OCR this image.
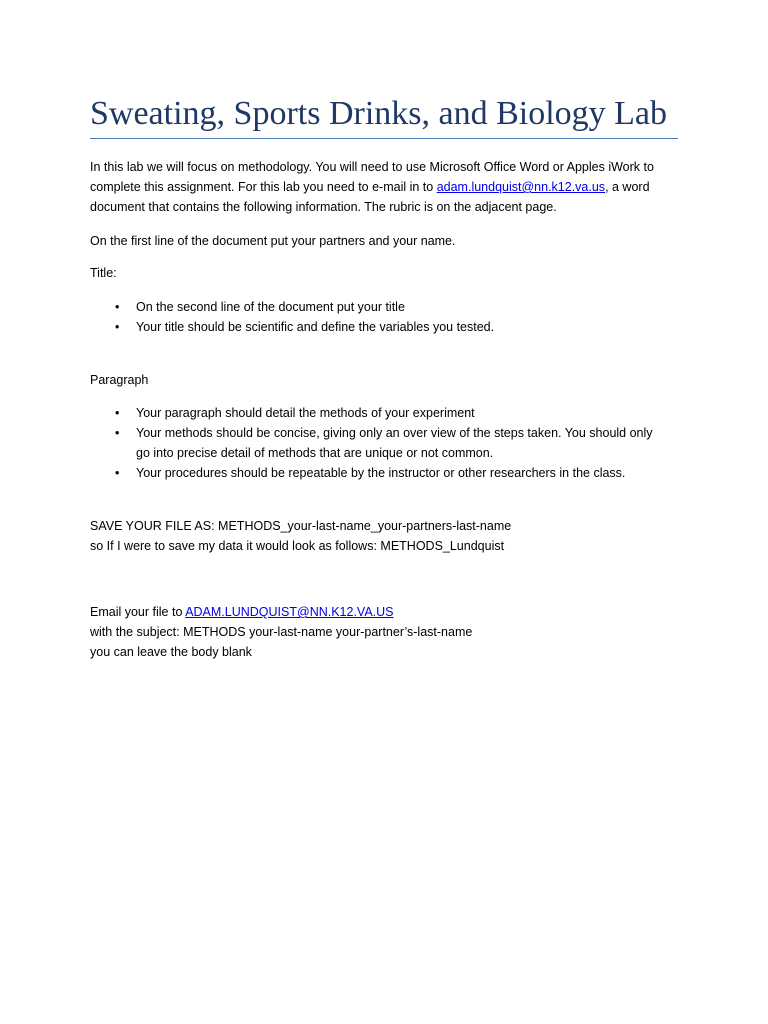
Sweating, Sports Drinks, and Biology Lab
In this lab we will focus on methodology. You will need to use Microsoft Office Word or Apples iWork to
complete this assignment. For this lab you need to e-mail in to adam.lundquist@nn.k12.va.us, a word
document that contains the following information. The rubric is on the adjacent page.
On the first line of the document put your partners and your name.
Title:
• On the second line of the document put your title
• Your title should be scientific and define the variables you tested.
Paragraph
• Your paragraph should detail the methods of your experiment
• Your methods should be concise, giving only an over view of the steps taken. You should only
go into precise detail of methods that are unique or not common.
• Your procedures should be repeatable by the instructor or other researchers in the class.
SAVE YOUR FILE AS: METHODS_your-last-name_your-partners-last-name
so If I were to save my data it would look as follows: METHODS_Lundquist
Email your file to ADAM.LUNDQUIST@NN.K12.VA.US
with the subject: METHODS your-last-name your-partner’s-last-name
you can leave the body blank
